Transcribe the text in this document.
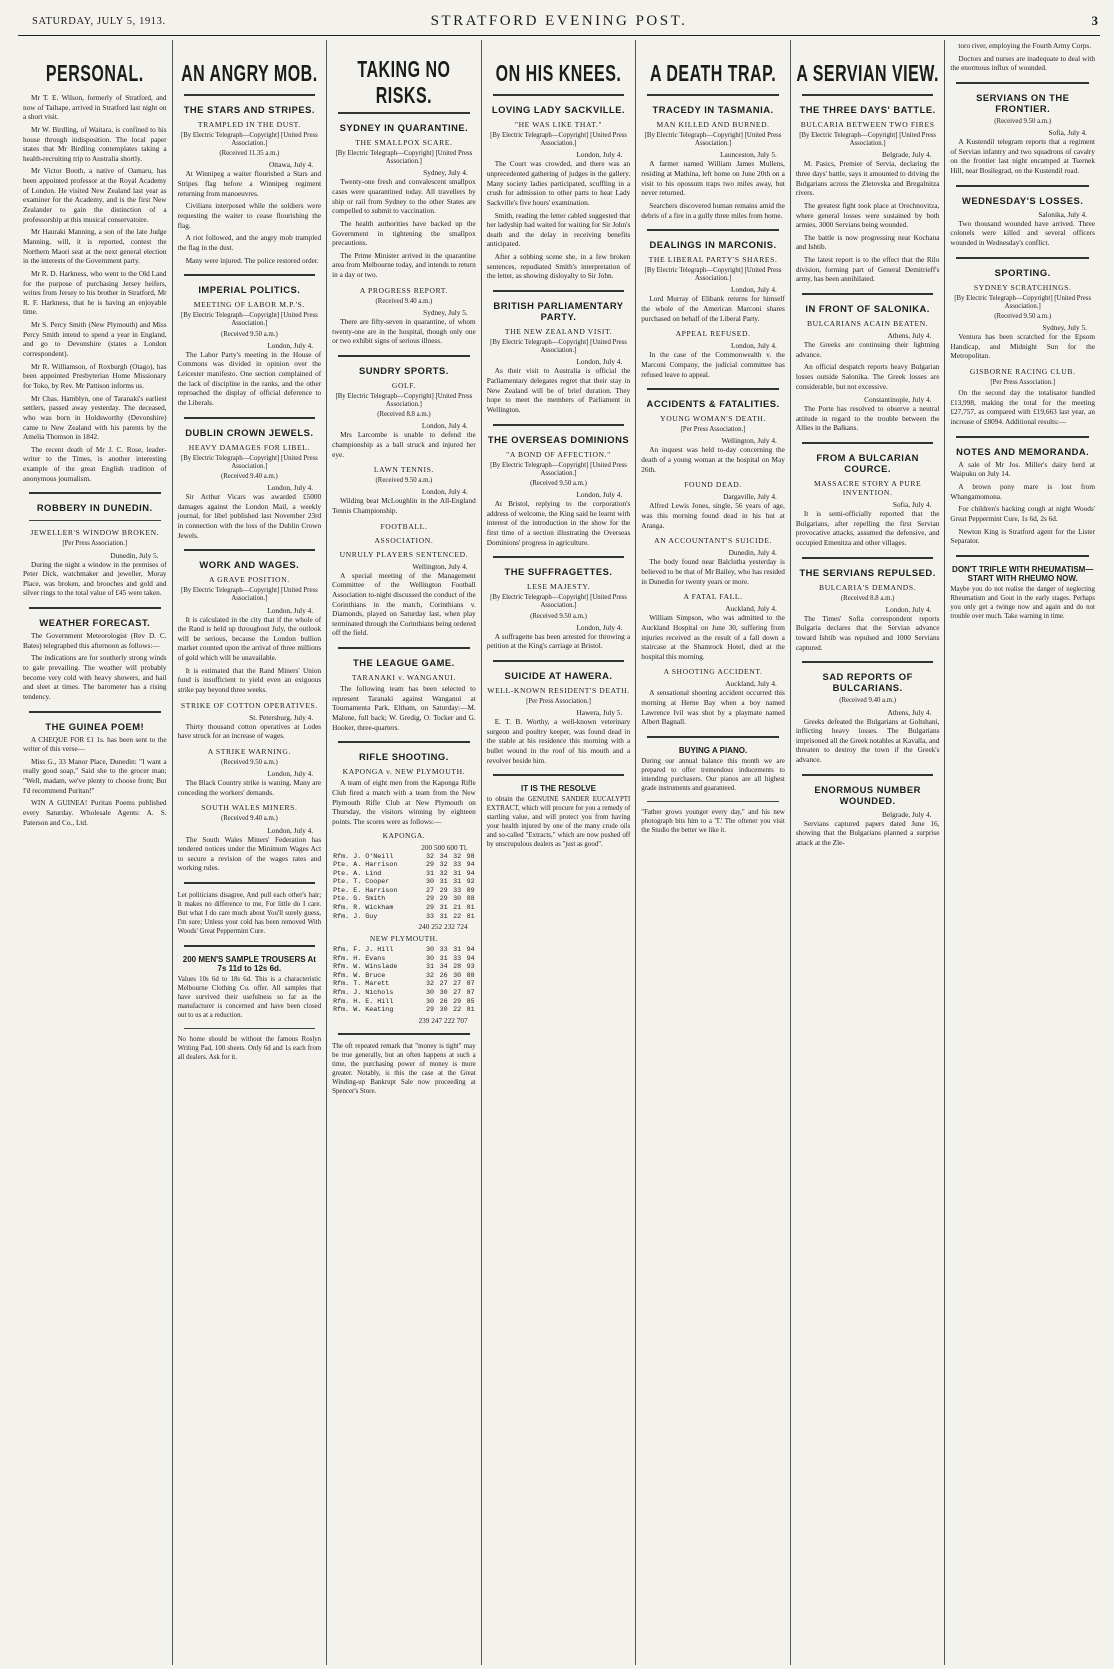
SATURDAY, JULY 5, 1913.	STRATFORD EVENING POST.	3
PERSONAL.

Mr T. E. Wilson, formerly of Stratford, and now of Taihape, arrived in Stratford last night on a short visit.

Mr W. Birdling, of Waitara, is confined to his house through indisposition. The local paper states that Mr Birdling contemplates taking a health-recruiting trip to Australia shortly.

Mr Victor Booth, a native of Oamaru, has been appointed professor at the Royal Academy of London. He visited New Zealand last year as examiner for the Academy, and is the first New Zealander to gain the distinction of a professorship at this musical conservatoire.

Mr Hauraki Manning, a son of the late Judge Manning, will, it is reported, contest the Northern Maori seat at the next general election in the interests of the Government party.

Mr R. D. Harkness, who went to the Old Land for the purpose of purchasing Jersey heifers, writes from Jersey to his brother in Stratford, Mr R. F. Harkness, that he is having an enjoyable time.

Mr S. Percy Smith (New Plymouth) and Miss Percy Smith intend to spend a year in England, and go to Devonshire (states a London correspondent).

Mr R. Williamson, of Roxburgh (Otago), has been appointed Presbyterian Home Missionary for Toko, by Rev. Mr Pattison informs us.

Mr Chas. Hamblyn, one of Taranaki's earliest settlers, passed away yesterday. The deceased, who was born in Holdsworthy (Devonshire) came to New Zealand with his parents by the Amelia Thomson in 1842.

The recent death of Mr J. C. Rose, leader-writer to the Times, is another interesting example of the great English tradition of anonymous journalism.

ROBBERY IN DUNEDIN.
JEWELLER'S WINDOW BROKEN.
[Per Press Association.]
Dunedin, July 5.

During the night a window in the premises of Peter Dick, watchmaker and jeweller, Moray Place, was broken, and brooches and gold and silver rings to the total value of £45 were taken.

WEATHER FORECAST.

The Government Meteorologist (Rev D. C. Bates) telegraphed this afternoon as follows:—

The indications are for southerly strong winds to gale prevailing. The weather will probably become very cold with heavy showers, and hail and sleet at times. The barometer has a rising tendency.

THE GUINEA POEM!

A CHEQUE FOR £1 1s. has been sent to the writer of this verse—

Miss G., 33 Manor Place, Dunedin: "I want a really good soap," Said she to the grocer man; "Well, madam, we've plenty to choose from; But I'd recommend Puritan!"

WIN A GUINEA! Puritan Poems published every Saturday. Wholesale Agents: A. S. Paterson and Co., Ltd.

AN ANGRY MOB.
THE STARS AND STRIPES.
TRAMPLED IN THE DUST.
[By Electric Telegraph—Copyright] [United Press Association.]
(Received 11.35 a.m.)
Ottawa, July 4.

At Winnipeg a waiter flourished a Stars and Stripes flag before a Winnipeg regiment returning from manoeuvres.

Civilians interposed while the soldiers were requesting the waiter to cease flourishing the flag.

A riot followed, and the angry mob trampled the flag in the dust.

Many were injured. The police restored order.

IMPERIAL POLITICS.
MEETING OF LABOR M.P.'S.
[By Electric Telegraph—Copyright] [United Press Association.]
(Received 9.50 a.m.)
London, July 4.

The Labor Party's meeting in the House of Commons was divided in opinion over the Leicester manifesto. One section complained of the lack of discipline in the ranks, and the other reproached the display of official deference to the Liberals.

DUBLIN CROWN JEWELS.
HEAVY DAMAGES FOR LIBEL.
[By Electric Telegraph—Copyright] [United Press Association.]
(Received 9.40 a.m.)
London, July 4.

Sir Arthur Vicars was awarded £5000 damages against the London Mail, a weekly journal, for libel published last November 23rd in connection with the loss of the Dublin Crown Jewels.

WORK AND WAGES.
A GRAVE POSITION.
[By Electric Telegraph—Copyright] [United Press Association.]
London, July 4.

It is calculated in the city that if the whole of the Rand is held up throughout July, the outlook will be serious, because the London bullion market counted upon the arrival of three millions of gold which will be unavailable.

It is estimated that the Rand Miners' Union fund is insufficient to yield even an exiguous strike pay beyond three weeks.

STRIKE OF COTTON OPERATIVES.
St. Petersburg, July 4.

Thirty thousand cotton operatives at Lodes have struck for an increase of wages.

A STRIKE WARNING.
(Received 9.50 a.m.)
London, July 4.

The Black Country strike is waning. Many are conceding the workers' demands.

SOUTH WALES MINERS.
(Received 9.40 a.m.)
London, July 4.

The South Wales Miners' Federation has tendered notices under the Minimum Wages Act to secure a revision of the wages rates and working rules.

Let politicians disagree, And pull each other's hair; It makes no difference to me, For little do I care. But what I do care much about You'll surely guess, I'm sure; Unless your cold has been removed With Woods' Great Peppermint Cure.

200 MEN'S SAMPLE TROUSERS At 7s 11d to 12s 6d.

Values 10s 6d to 18s 6d. This is a characteristic Melbourne Clothing Co. offer. All samples that have survived their usefulness so far as the manufacturer is concerned and have been closed out to us at a reduction.

No home should be without the famous Roslyn Writing Pad, 100 sheets. Only 6d and 1s each from all dealers. Ask for it.

TAKING NO RISKS.
SYDNEY IN QUARANTINE.
THE SMALLPOX SCARE.
[By Electric Telegraph—Copyright] [United Press Association.]
Sydney, July 4.

Twenty-one fresh and convalescent smallpox cases were quarantined today. All travellers by ship or rail from Sydney to the other States are compelled to submit to vaccination.

The health authorities have backed up the Government in tightening the smallpox precautions.

The Prime Minister arrived in the quarantine area from Melbourne today, and intends to return in a day or two.

A PROGRESS REPORT.
(Received 9.40 a.m.)
Sydney, July 5.

There are fifty-seven in quarantine, of whom twenty-one are in the hospital, though only one or two exhibit signs of serious illness.

SUNDRY SPORTS.
GOLF.
[By Electric Telegraph—Copyright] [United Press Association.]
(Received 8.8 a.m.)
London, July 4.

Mrs Larcombe is unable to defend the championship as a ball struck and injured her eye.

LAWN TENNIS.
(Received 9.50 a.m.)
London, July 4.

Wilding beat McLoughlin in the All-England Tennis Championship.

FOOTBALL.
ASSOCIATION.
UNRULY PLAYERS SENTENCED.
Wellington, July 4.

A special meeting of the Management Committee of the Wellington Football Association to-night discussed the conduct of the Corinthians in the match, Corinthians v. Diamonds, played on Saturday last, when play terminated through the Corinthians being ordered off the field.

THE LEAGUE GAME.
TARANAKI v. WANGANUI.

The following team has been selected to represent Taranaki against Wanganui at Tournamenta Park, Eltham, on Saturday:—M. Malone, full back; W. Gredig, O. Tocker and G. Hooker, three-quarters.

RIFLE SHOOTING.
KAPONGA v. NEW PLYMOUTH.

A team of eight men from the Kaponga Rifle Club fired a match with a team from the New Plymouth Rifle Club at New Plymouth on Thursday, the visitors winning by eighteen points. The scores were as follows:—

KAPONGA.
200 500 600 Tl.
Rfm. J. O'Neill	32	34	32	98
Pte. A. Harrison	29	32	33	94
Pte. A. Lind	31	32	31	94
Pte. T. Cooper	30	31	31	92
Pte. E. Harrison	27	29	33	89
Pte. G. Smith	29	29	30	88
Rfm. R. Wickham	29	31	21	81
Rfm. J. Guy	33	31	22	81
240 252 232 724
NEW PLYMOUTH.
Rfm. F. J. Hill	30	33	31	94
Rfm. H. Evans	30	31	33	94
Rfm. W. Winslade	31	34	28	93
Rfm. W. Bruce	32	26	30	88
Rfm. T. Marett	32	27	27	87
Rfm. J. Nichols	30	30	27	87
Rfm. H. E. Hill	30	26	29	85
Rfm. W. Keating	29	30	22	81
239 247 222 707

The oft repeated remark that "money is tight" may be true generally, but an often happens at such a time, the purchasing power of money is more greater. Notably, is this the case at the Great Winding-up Bankrupt Sale now proceeding at Spencer's Store.

ON HIS KNEES.
LOVING LADY SACKVILLE.
"HE WAS LIKE THAT."
[By Electric Telegraph—Copyright] [United Press Association.]
London, July 4.

The Court was crowded, and there was an unprecedented gathering of judges in the gallery. Many society ladies participated, scuffling in a crush for admission to other parts to hear Lady Sackville's five hours' examination.

Smith, reading the letter cabled suggested that her ladyship had waited for waiting for Sir John's death and the delay in receiving benefits anticipated.

After a sobbing scene she, in a few broken sentences, repudiated Smith's interpretation of the letter, as showing disloyalty to Sir John.

BRITISH PARLIAMENTARY PARTY.
THE NEW ZEALAND VISIT.
[By Electric Telegraph—Copyright] [United Press Association.]
London, July 4.

As their visit to Australia is official the Parliamentary delegates regret that their stay in New Zealand will be of brief duration. They hope to meet the members of Parliament in Wellington.

THE OVERSEAS DOMINIONS
"A BOND OF AFFECTION."
[By Electric Telegraph—Copyright] [United Press Association.]
(Received 9.50 a.m.)
London, July 4.

At Bristol, replying to the corporation's address of welcome, the King said he learnt with interest of the introduction in the show for the first time of a section illustrating the Overseas Dominions' progress in agriculture.

THE SUFFRAGETTES.
LESE MAJESTY.
[By Electric Telegraph—Copyright] [United Press Association.]
(Received 9.50 a.m.)
London, July 4.

A suffragette has been arrested for throwing a petition at the King's carriage at Bristol.

SUICIDE AT HAWERA.
WELL-KNOWN RESIDENT'S DEATH.
[Per Press Association.]
Hawera, July 5.

E. T. B. Worthy, a well-known veterinary surgeon and poultry keeper, was found dead in the stable at his residence this morning with a bullet wound in the roof of his mouth and a revolver beside him.

IT IS THE RESOLVE

to obtain the GENUINE SANDER EUCALYPTI EXTRACT, which will procure for you a remedy of startling value, and will protect you from having your health injured by one of the many crude oils and so-called "Extracts," which are now pushed off by unscrupulous dealers as "just as good".

A DEATH TRAP.
TRACEDY IN TASMANIA.
MAN KILLED AND BURNED.
[By Electric Telegraph—Copyright] [United Press Association.]
Launceston, July 5.

A farmer named William James Mullens, residing at Mathina, left home on June 20th on a visit to his opossum traps two miles away, but never returned.

Searchers discovered human remains amid the debris of a fire in a gully three miles from home.

DEALINGS IN MARCONIS.
THE LIBERAL PARTY'S SHARES.
[By Electric Telegraph—Copyright] [United Press Association.]
London, July 4.

Lord Murray of Elibank returns for himself the whole of the American Marconi shares purchased on behalf of the Liberal Party.

APPEAL REFUSED.
London, July 4.

In the case of the Commonwealth v. the Marconi Company, the judicial committee has refused leave to appeal.

ACCIDENTS & FATALITIES.
YOUNG WOMAN'S DEATH.
[Per Press Association.]
Wellington, July 4.

An inquest was held to-day concerning the death of a young woman at the hospital on May 26th.

FOUND DEAD.
Dargaville, July 4.

Alfred Lewis Jones, single, 56 years of age, was this morning found dead in his hut at Aranga.

AN ACCOUNTANT'S SUICIDE.
Dunedin, July 4.

The body found near Balclutha yesterday is believed to be that of Mr Bailey, who has resided in Dunedin for twenty years or more.

A FATAL FALL.
Auckland, July 4.

William Simpson, who was admitted to the Auckland Hospital on June 30, suffering from injuries received as the result of a fall down a staircase at the Shamrock Hotel, died at the hospital this morning.

A SHOOTING ACCIDENT.
Auckland, July 4.

A sensational shooting accident occurred this morning at Herne Bay when a boy named Lawrence Ivil was shot by a playmate named Albert Bagnall.

BUYING A PIANO.

During our annual balance this month we are prepared to offer tremendous inducements to intending purchasers. Our pianos are all highest grade instruments and guaranteed.

"Father grows younger every day," and his new photograph bits him to a 'T.' The oftener you visit the Studio the better we like it.

A SERVIAN VIEW.
THE THREE DAYS' BATTLE.
BULCARIA BETWEEN TWO FIRES
[By Electric Telegraph—Copyright] [United Press Association.]
Belgrade, July 4.

M. Pasics, Premier of Servia, declaring the three days' battle, says it amounted to driving the Bulgarians across the Zletovska and Bregalnitza rivers.

The greatest fight took place at Orechnovitza, where general losses were sustained by both armies, 3000 Servians being wounded.

The battle is now progressing near Kochana and Ishtib.

The latest report is to the effect that the Rilo division, forming part of General Demitrieff's army, has been annihilated.

IN FRONT OF SALONIKA.
BULCARIANS ACAIN BEATEN.
Athens, July 4.

The Greeks are continuing their lightning advance.

An official despatch reports heavy Bulgarian losses outside Salonika. The Greek losses are considerable, but not excessive.

Constantinople, July 4.

The Porte has resolved to observe a neutral attitude in regard to the trouble between the Allies in the Balkans.

FROM A BULCARIAN COURCE.
MASSACRE STORY A PURE INVENTION.
Sofia, July 4.

It is semi-officially reported that the Bulgarians, after repelling the first Servian provocative attacks, assumed the defensive, and occupied Emenitza and other villages.

THE SERVIANS REPULSED.
BULCARIA'S DEMANDS.
(Received 8.8 a.m.)
London, July 4.

The Times' Sofia correspondent reports Bulgaria declares that the Servian advance toward Ishtib was repulsed and 1000 Servians captured.

SAD REPORTS OF BULCARIANS.
(Received 9.40 a.m.)
Athens, July 4.

Greeks defeated the Bulgarians at Goltshani, inflicting heavy losses. The Bulgarians imprisoned all the Greek notables at Kavalla, and threaten to destroy the town if the Greek's advance.

ENORMOUS NUMBER WOUNDED.
Belgrade, July 4.

Servians captured papers dated June 16, showing that the Bulgarians planned a surprise attack at the Zle-

toro river, employing the Fourth Army Corps.

Doctors and nurses are inadequate to deal with the enormous influx of wounded.

SERVIANS ON THE FRONTIER.
(Received 9.50 a.m.)
Sofia, July 4.

A Kustendil telegram reports that a regiment of Servian infantry and two squadrons of cavalry on the frontier last night encamped at Tsernek Hill, near Bosilegrad, on the Kustendil road.

WEDNESDAY'S LOSSES.
Salonika, July 4.

Two thousand wounded have arrived. Three colonels were killed and several officers wounded in Wednesday's conflict.

SPORTING.
SYDNEY SCRATCHINGS.
[By Electric Telegraph—Copyright] [United Press Association.]
(Received 9.50 a.m.)
Sydney, July 5.

Ventura has been scratched for the Epsom Handicap, and Midnight Sun for the Metropolitan.

GISBORNE RACING CLUB.
[Per Press Association.]

On the second day the totalisator handled £13,998, making the total for the meeting £27,757, as compared with £19,663 last year, an increase of £8094. Additional results:—

NOTES AND MEMORANDA.

A sale of Mr Jos. Miller's dairy herd at Waipuku on July 14.

A brown pony mare is lost from Whangamomona.

For children's hacking cough at night Woods' Great Peppermint Cure, 1s 6d, 2s 6d.

Newton King is Stratford agent for the Lister Separator.

DON'T TRIFLE WITH RHEUMATISM—START WITH RHEUMO NOW.

Maybe you do not realise the danger of neglecting Rheumatism and Gout in the early stages. Perhaps you only get a twinge now and again and do not trouble over much. Take warning in time.
